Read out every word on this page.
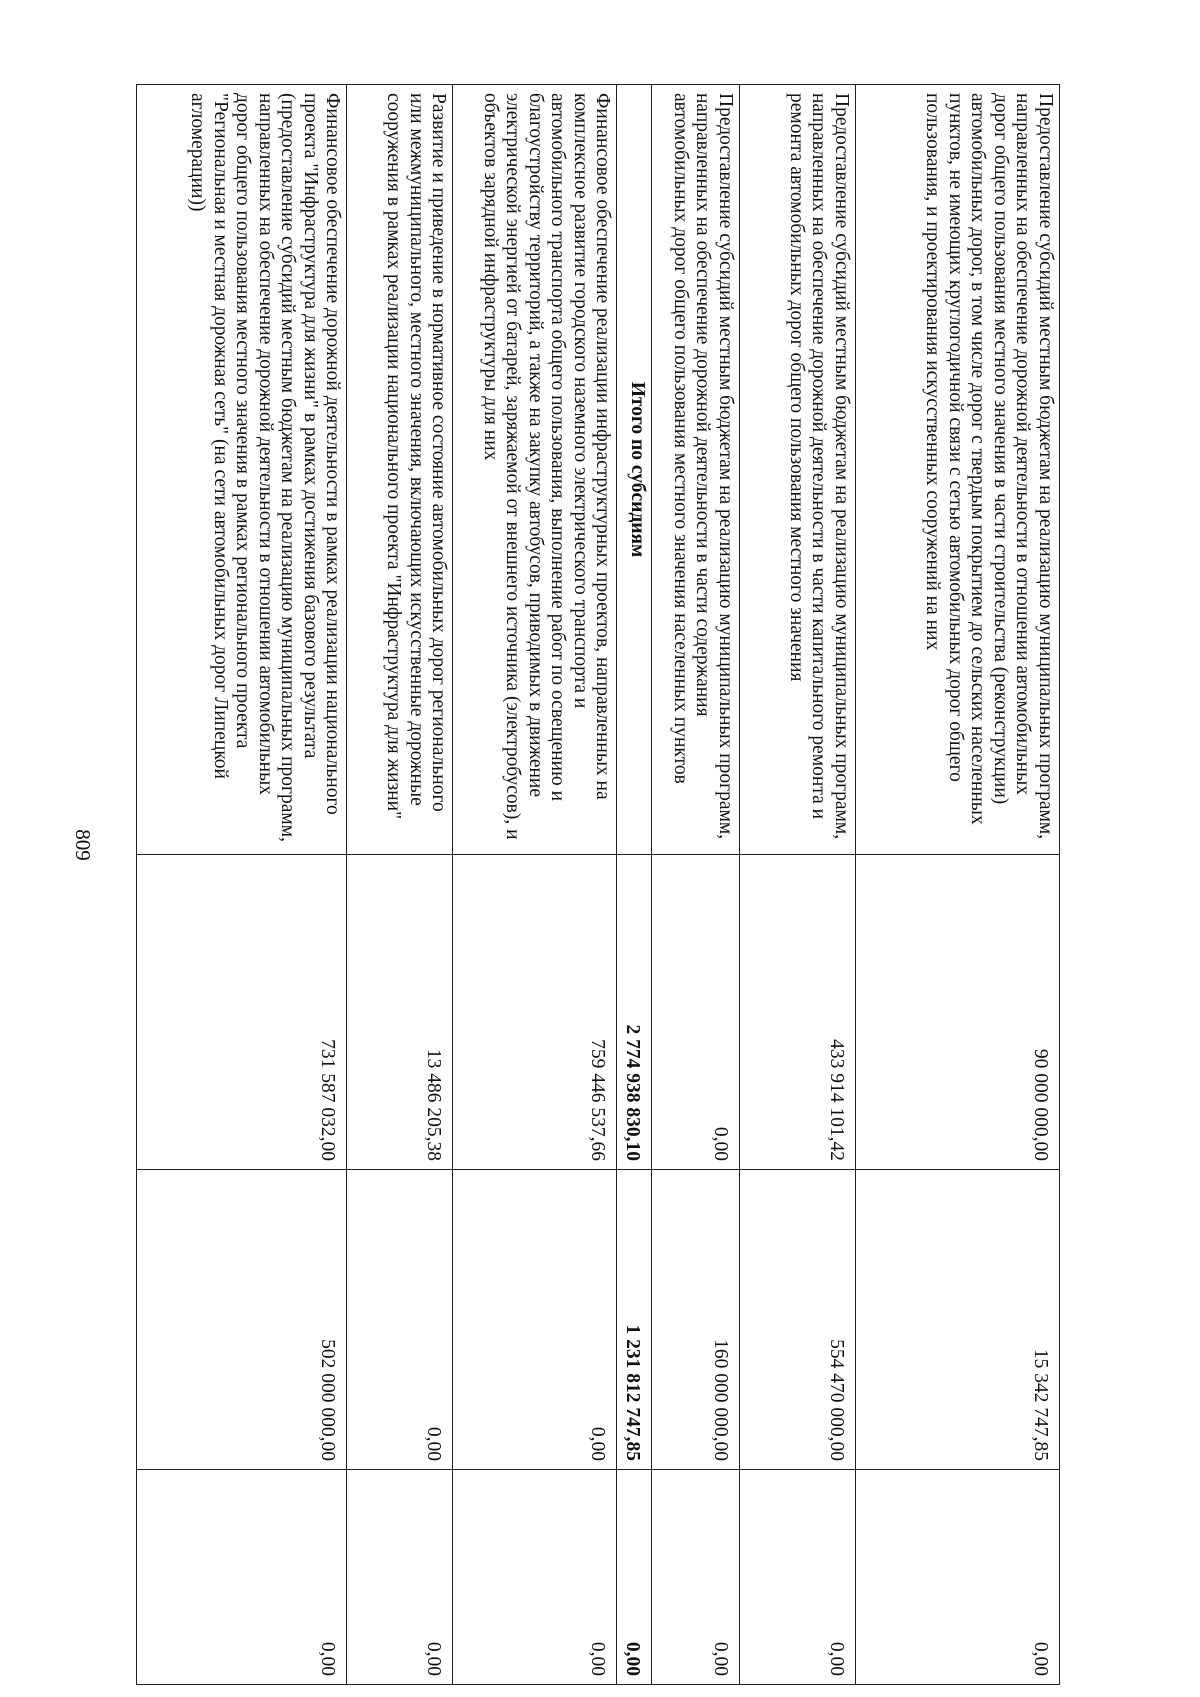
809
Предоставление субсидий местным бюджетам на реализацию муниципальных программ, направленных на обеспечение дорожной деятельности в отношении автомобильных дорог общего пользования местного значения в части строительства (реконструкции) автомобильных дорог, в том числе дорог с твердым покрытием до сельских населенных пунктов, не имеющих круглогодичной связи с сетью автомобильных дорог общего пользования, и проектирования искусственных сооружений на них	90 000 000,00	15 342 747,85	0,00
Предоставление субсидий местным бюджетам на реализацию муниципальных программ, направленных на обеспечение дорожной деятельности в части капитального ремонта и ремонта автомобильных дорог общего пользования местного значения	433 914 101,42	554 470 000,00	0,00
Предоставление субсидий местным бюджетам на реализацию муниципальных программ, направленных на обеспечение дорожной деятельности в части содержания автомобильных дорог общего пользования местного значения населенных пунктов	0,00	160 000 000,00	0,00
Итого по субсидиям	2 774 938 830,10	1 231 812 747,85	0,00
Финансовое обеспечение реализации инфраструктурных проектов, направленных на комплексное развитие городского наземного электрического транспорта и автомобильного транспорта общего пользования, выполнение работ по освещению и благоустройству территорий, а также на закупку автобусов, приводимых в движение электрической энергией от батарей, заряжаемой от внешнего источника (электробусов), и объектов зарядной инфраструктуры для них	759 446 537,66	0,00	0,00
Развитие и приведение в нормативное состояние автомобильных дорог регионального или межмуниципального, местного значения, включающих искусственные дорожные сооружения в рамках реализации национального проекта "Инфраструктура для жизни"	13 486 205,38	0,00	0,00
Финансовое обеспечение дорожной деятельности в рамках реализации национального проекта "Инфраструктура для жизни" в рамках достижения базового результата (предоставление субсидий местным бюджетам на реализацию муниципальных программ, направленных на обеспечение дорожной деятельности в отношении автомобильных дорог общего пользования местного значения в рамках регионального проекта "Региональная и местная дорожная сеть" (на сети автомобильных дорог Липецкой агломерации))	731 587 032,00	502 000 000,00	0,00
